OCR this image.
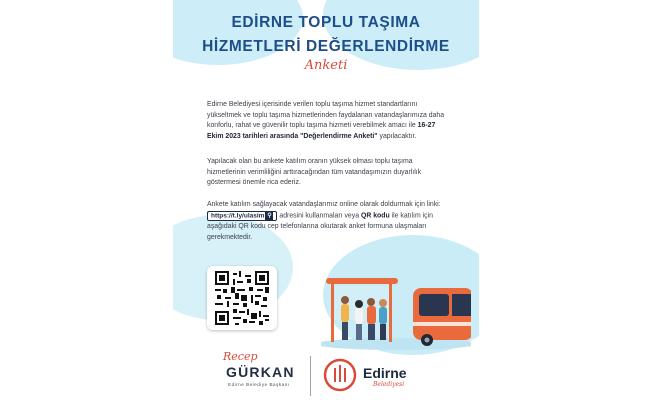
EDİRNE TOPLU TAŞIMA
HİZMETLERİ DEĞERLENDİRME
Anketi
Edirne Belediyesi içerisinde verilen toplu taşıma hizmet standartlarını yükseltmek ve toplu taşıma hizmetlerinden faydalanan vatandaşlarımıza daha konforlu, rahat ve güvenilir toplu taşıma hizmeti verebilmek amacı ile 16-27 Ekim 2023 tarihleri arasında "Değerlendirme Anketi" yapılacaktır.
Yapılacak olan bu ankete katılım oranın yüksek olması toplu taşıma hizmetlerinin verimliliğini arttıracağından tüm vatandaşımızın duyarlılık göstermesi önemle rica ederiz.
Ankete katılım sağlayacak vatandaşlarımız online olarak doldurmak için linki: https://t.ly/ulasim ⚲ adresini kullanmaları veya QR kodu ile katılım için aşağıdaki QR kodu cep telefonlarına okutarak anket formuna ulaşmaları gerekmektedir.
Recep
GÜRKAN
Edirne Belediye Başkanı
Edirne
Belediyesi
